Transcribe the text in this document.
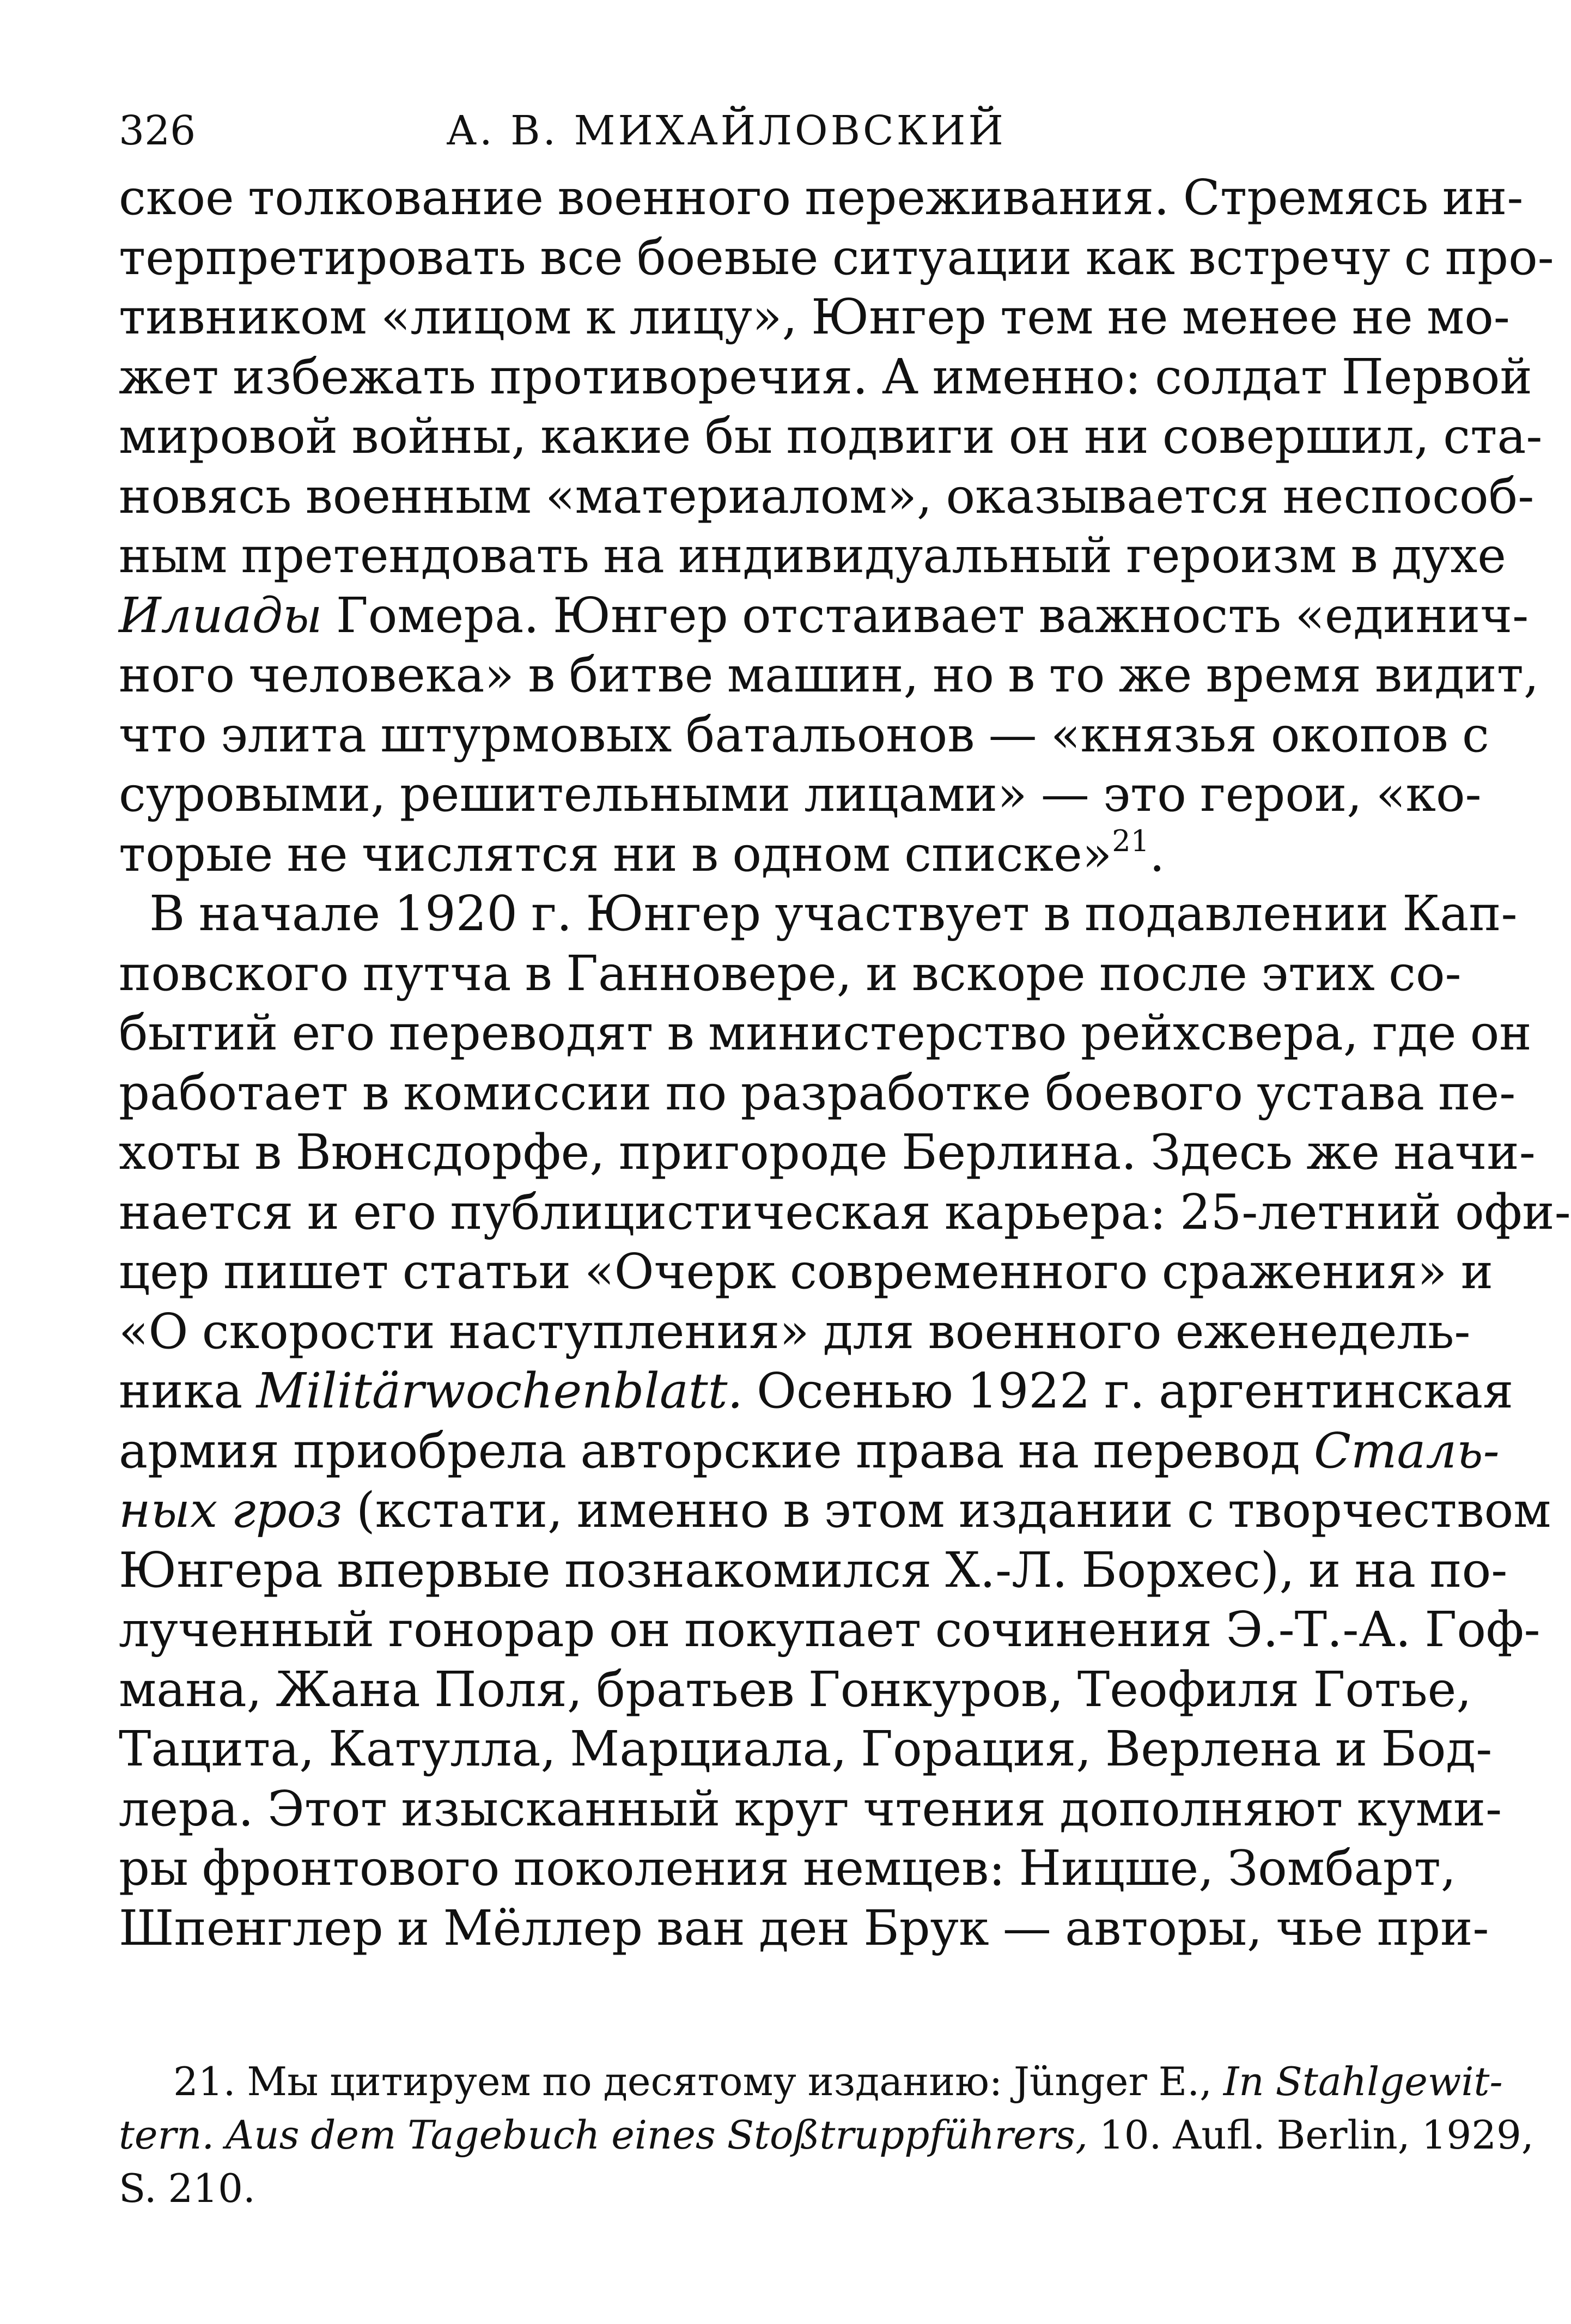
326	А. В. МИХАЙЛОВСКИЙ
ское толкование военного переживания. Стремясь ин-
терпретировать все боевые ситуации как встречу с про-
тивником «лицом к лицу», Юнгер тем не менее не мо-
жет избежать противоречия. А именно: солдат Первой
мировой войны, какие бы подвиги он ни совершил, ста-
новясь военным «материалом», оказывается неспособ-
ным претендовать на индивидуальный героизм в духе
Илиады Гомера. Юнгер отстаивает важность «единич-
ного человека» в битве машин, но в то же время видит,
что элита штурмовых батальонов — «князья окопов с
суровыми, решительными лицами» — это герои, «ко-
торые не числятся ни в одном списке»$^{21}$.
В начале 1920 г. Юнгер участвует в подавлении Кап-
повского путча в Ганновере, и вскоре после этих со-
бытий его переводят в министерство рейхсвера, где он
работает в комиссии по разработке боевого устава пе-
хоты в Вюнсдорфе, пригороде Берлина. Здесь же начи-
нается и его публицистическая карьера: 25-летний офи-
цер пишет статьи «Очерк современного сражения» и
«О скорости наступления» для военного еженедель-
ника Militärwochenblatt. Осенью 1922 г. аргентинская
армия приобрела авторские права на перевод Сталь-
ных гроз (кстати, именно в этом издании с творчеством
Юнгера впервые познакомился Х.-Л. Борхес), и на по-
лученный гонорар он покупает сочинения Э.-Т.-А. Гоф-
мана, Жана Поля, братьев Гонкуров, Теофиля Готье,
Тацита, Катулла, Марциала, Горация, Верлена и Бод-
лера. Этот изысканный круг чтения дополняют куми-
ры фронтового поколения немцев: Ницше, Зомбарт,
Шпенглер и Мёллер ван ден Брук — авторы, чье при-
21. Мы цитируем по десятому изданию: Jünger E., In Stahlgewit-
tern. Aus dem Tagebuch eines Stoßtruppführers, 10. Aufl. Berlin, 1929,
S. 210.
